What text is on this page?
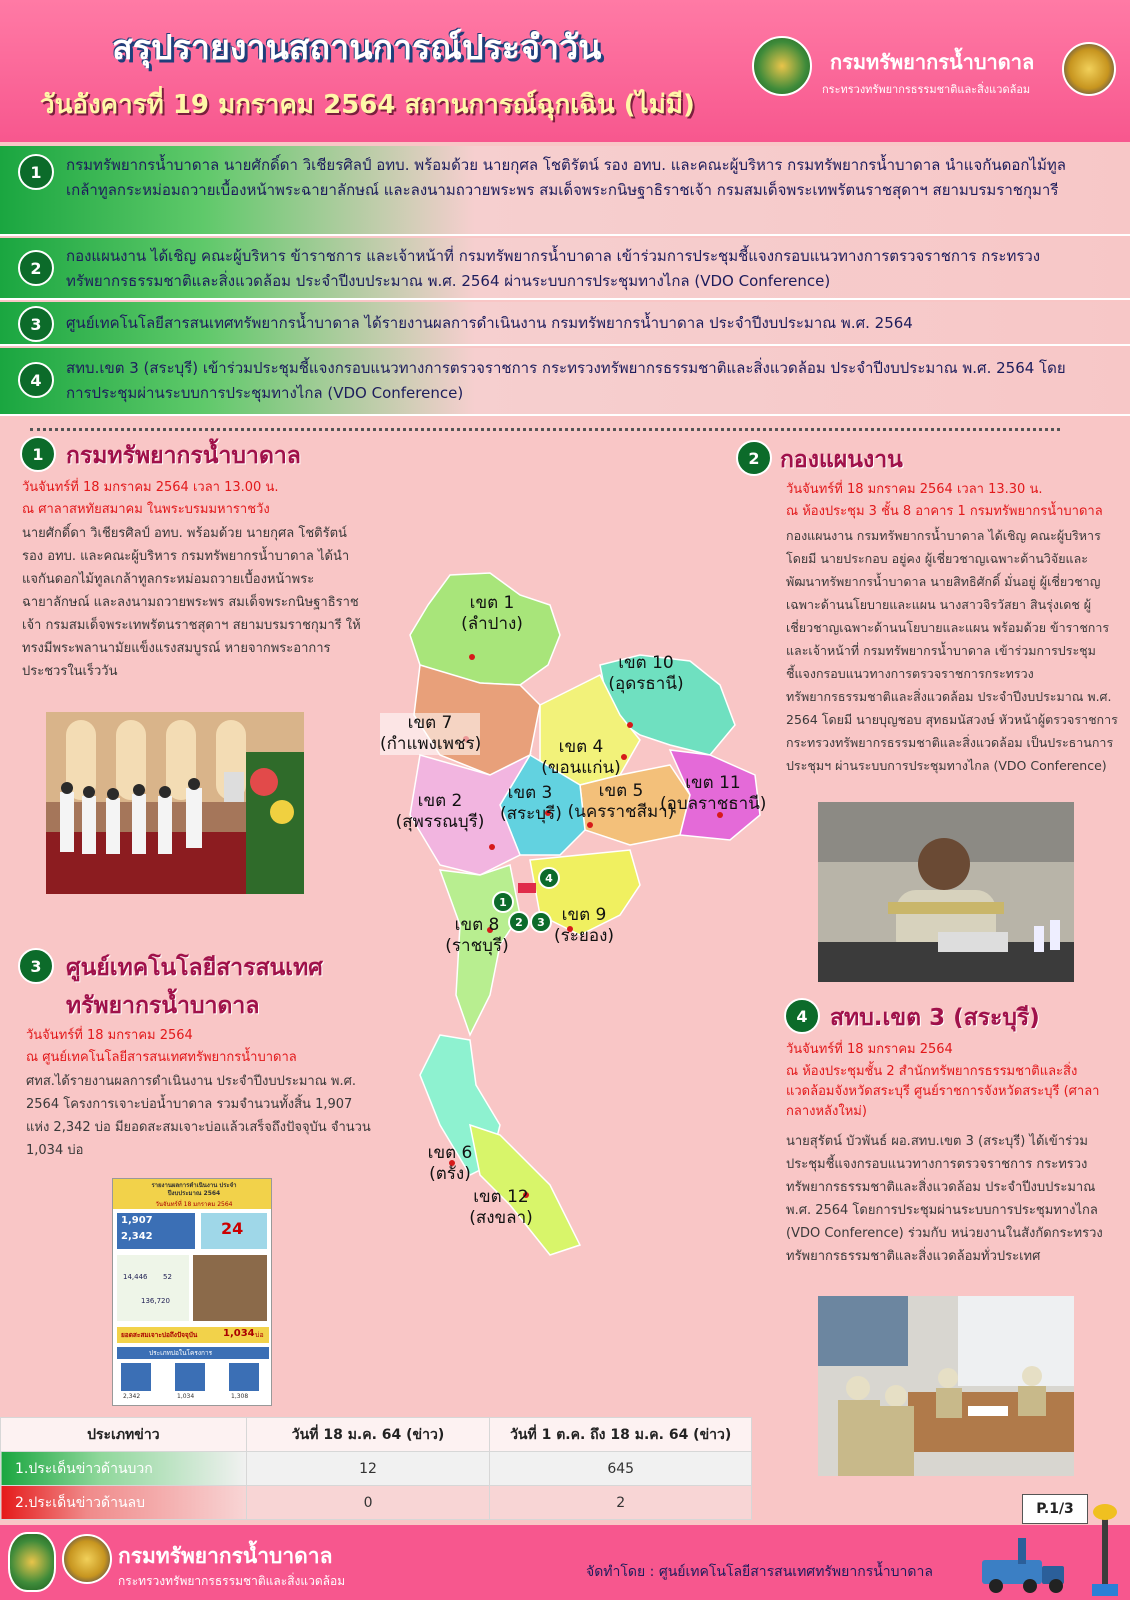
สรุปรายงานสถานการณ์ประจำวัน
วันอังคารที่ 19 มกราคม 2564 สถานการณ์ฉุกเฉิน (ไม่มี)
กรมทรัพยากรน้ำบาดาล
กระทรวงทรัพยากรธรรมชาติและสิ่งแวดล้อม
1	กรมทรัพยากรน้ำบาดาล นายศักดิ์ดา วิเชียรศิลป์ อทบ. พร้อมด้วย นายกุศล โชติรัตน์ รอง อทบ. และคณะผู้บริหาร กรมทรัพยากรน้ำบาดาล นำแจกันดอกไม้ทูลเกล้าทูลกระหม่อมถวายเบื้องหน้าพระฉายาลักษณ์ และลงนามถวายพระพร สมเด็จพระกนิษฐาธิราชเจ้า กรมสมเด็จพระเทพรัตนราชสุดาฯ สยามบรมราชกุมารี
2
กองแผนงาน ได้เชิญ คณะผู้บริหาร ข้าราชการ และเจ้าหน้าที่ กรมทรัพยากรน้ำบาดาล เข้าร่วมการประชุมชี้แจงกรอบแนวทางการตรวจราชการ กระทรวงทรัพยากรธรรมชาติและสิ่งแวดล้อม ประจำปีงบประมาณ พ.ศ. 2564 ผ่านระบบการประชุมทางไกล (VDO Conference)
3	ศูนย์เทคโนโลยีสารสนเทศทรัพยากรน้ำบาดาล ได้รายงานผลการดำเนินงาน กรมทรัพยากรน้ำบาดาล ประจำปีงบประมาณ พ.ศ. 2564
4
สทบ.เขต 3 (สระบุรี) เข้าร่วมประชุมชี้แจงกรอบแนวทางการตรวจราชการ กระทรวงทรัพยากรธรรมชาติและสิ่งแวดล้อม ประจำปีงบประมาณ พ.ศ. 2564 โดยการประชุมผ่านระบบการประชุมทางไกล (VDO Conference)
1 กรมทรัพยากรน้ำบาดาล
วันจันทร์ที่ 18 มกราคม 2564 เวลา 13.00 น.
ณ ศาลาสหทัยสมาคม ในพระบรมมหาราชวัง
นายศักดิ์ดา วิเชียรศิลป์ อทบ. พร้อมด้วย นายกุศล โชติรัตน์ รอง อทบ. และคณะผู้บริหาร กรมทรัพยากรน้ำบาดาล ได้นำแจกันดอกไม้ทูลเกล้าทูลกระหม่อมถวายเบื้องหน้าพระฉายาลักษณ์ และลงนามถวายพระพร สมเด็จพระกนิษฐาธิราชเจ้า กรมสมเด็จพระเทพรัตนราชสุดาฯ สยามบรมราชกุมารี ให้ทรงมีพระพลานามัยแข็งแรงสมบูรณ์ หายจากพระอาการประชวรในเร็ววัน
2 กองแผนงาน
วันจันทร์ที่ 18 มกราคม 2564 เวลา 13.30 น.
ณ ห้องประชุม 3 ชั้น 8 อาคาร 1 กรมทรัพยากรน้ำบาดาล
กองแผนงาน กรมทรัพยากรน้ำบาดาล ได้เชิญ คณะผู้บริหาร โดยมี นายประกอบ อยู่คง ผู้เชี่ยวชาญเฉพาะด้านวิจัยและพัฒนาทรัพยากรน้ำบาดาล นายสิทธิศักดิ์ มั่นอยู่ ผู้เชี่ยวชาญเฉพาะด้านนโยบายและแผน นางสาวจิรวัสยา สินรุ่งเดช ผู้เชี่ยวชาญเฉพาะด้านนโยบายและแผน พร้อมด้วย ข้าราชการ และเจ้าหน้าที่ กรมทรัพยากรน้ำบาดาล เข้าร่วมการประชุมชี้แจงกรอบแนวทางการตรวจราชการกระทรวงทรัพยากรธรรมชาติและสิ่งแวดล้อม ประจำปีงบประมาณ พ.ศ. 2564 โดยมี นายบุญชอบ สุทธมนัสวงษ์ หัวหน้าผู้ตรวจราชการกระทรวงทรัพยากรธรรมชาติและสิ่งแวดล้อม เป็นประธานการประชุมฯ ผ่านระบบการประชุมทางไกล (VDO Conference)
3	ศูนย์เทคโนโลยีสารสนเทศ
ทรัพยากรน้ำบาดาล
วันจันทร์ที่ 18 มกราคม 2564
ณ ศูนย์เทคโนโลยีสารสนเทศทรัพยากรน้ำบาดาล
ศทส.ได้รายงานผลการดำเนินงาน ประจำปีงบประมาณ พ.ศ. 2564 โครงการเจาะบ่อน้ำบาดาล รวมจำนวนทั้งสิ้น 1,907 แห่ง 2,342 บ่อ มียอดสะสมเจาะบ่อแล้วเสร็จถึงปัจจุบัน จำนวน 1,034 บ่อ
รายงานผลการดำเนินงาน ประจำปีงบประมาณ 2564
วันจันทร์ที่ 18 มกราคม 2564
1,907
2,342	24
14,446 52
136,720
ยอดสะสมเจาะบ่อถึงปัจจุบัน	1,034 บ่อ
ประเภทบ่อในโครงการ
2,342	1,034	1,308
4 สทบ.เขต 3 (สระบุรี)
วันจันทร์ที่ 18 มกราคม 2564
ณ ห้องประชุมชั้น 2 สำนักทรัพยากรธรรมชาติและสิ่งแวดล้อมจังหวัดสระบุรี ศูนย์ราชการจังหวัดสระบุรี (ศาลากลางหลังใหม่)
นายสุรัตน์ บัวพันธ์ ผอ.สทบ.เขต 3 (สระบุรี) ได้เข้าร่วมประชุมชี้แจงกรอบแนวทางการตรวจราชการ กระทรวงทรัพยากรธรรมชาติและสิ่งแวดล้อม ประจำปีงบประมาณ พ.ศ. 2564 โดยการประชุมผ่านระบบการประชุมทางไกล (VDO Conference) ร่วมกับ หน่วยงานในสังกัดกระทรวงทรัพยากรธรรมชาติและสิ่งแวดล้อมทั่วประเทศ
เขต 1
(ลำปาง)
เขต 7
(กำแพงเพชร)
เขต 10
(อุดรธานี)
เขต 4
(ขอนแก่น)
เขต 2
(สุพรรณบุรี)
เขต 3
(สระบุรี)
เขต 5
(นครราชสีมา)
เขต 11
(อุบลราชธานี)
เขต 8
(ราชบุรี)
เขต 9
(ระยอง)
เขต 6
(ตรัง)
เขต 12
(สงขลา)
1
2	3
4
ประเภทข่าว	วันที่ 18 ม.ค. 64 (ข่าว)	วันที่ 1 ต.ค. ถึง 18 ม.ค. 64 (ข่าว)
1.ประเด็นข่าวด้านบวก	12	645
2.ประเด็นข่าวด้านลบ	0	2	P.1/3
กรมทรัพยากรน้ำบาดาล
กระทรวงทรัพยากรธรรมชาติและสิ่งแวดล้อม
จัดทำโดย : ศูนย์เทคโนโลยีสารสนเทศทรัพยากรน้ำบาดาล
